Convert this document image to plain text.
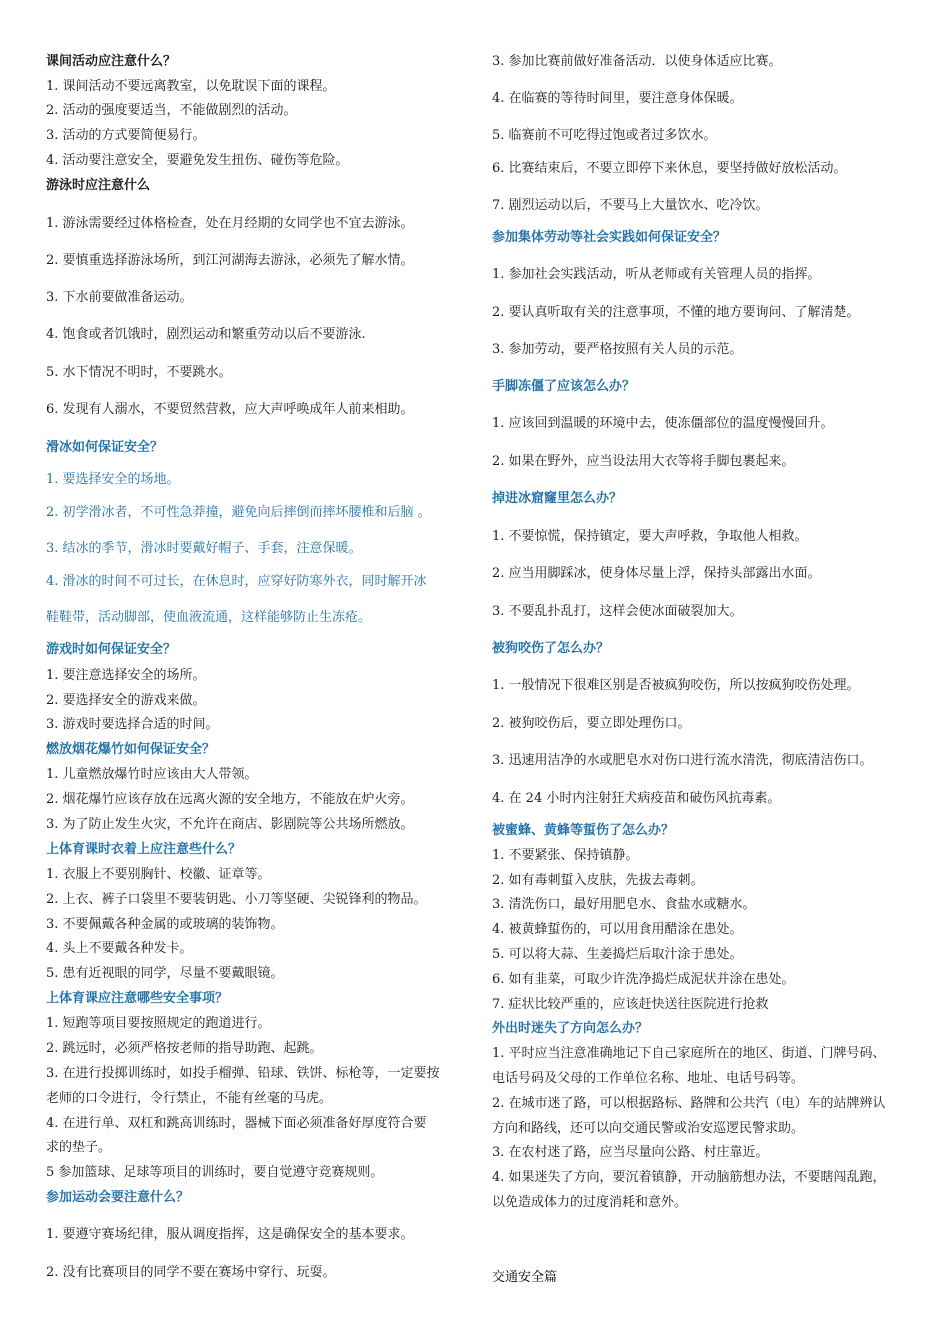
课间活动应注意什么？
1. 课间活动不要远离教室，以免耽误下面的课程。
2. 活动的强度要适当，不能做剧烈的活动。
3. 活动的方式要简便易行。
4. 活动要注意安全，要避免发生扭伤、碰伤等危险。
游泳时应注意什么
1. 游泳需要经过体格检查，处在月经期的女同学也不宜去游泳。
2. 要慎重选择游泳场所，到江河湖海去游泳，必须先了解水情。
3. 下水前要做准备运动。
4. 饱食或者饥饿时，剧烈运动和繁重劳动以后不要游泳.
5. 水下情况不明时，不要跳水。
6. 发现有人溺水，不要贸然营救，应大声呼唤成年人前来相助。
滑冰如何保证安全？
1. 要选择安全的场地。
2. 初学滑冰者，不可性急莽撞，避免向后摔倒而摔坏腰椎和后脑 。
3. 结冰的季节，滑冰时要戴好帽子、手套，注意保暖。
4. 滑冰的时间不可过长，在休息时，应穿好防寒外衣，同时解开冰
鞋鞋带，活动脚部，使血液流通，这样能够防止生冻疮。
游戏时如何保证安全？
1. 要注意选择安全的场所。
2. 要选择安全的游戏来做。
3. 游戏时要选择合适的时间。
燃放烟花爆竹如何保证安全？
1. 儿童燃放爆竹时应该由大人带领。
2. 烟花爆竹应该存放在远离火源的安全地方，不能放在炉火旁。
3. 为了防止发生火灾，不允许在商店、影剧院等公共场所燃放。
上体育课时衣着上应注意些什么？
1. 衣服上不要别胸针、校徽、证章等。
2. 上衣、裤子口袋里不要装钥匙、小刀等坚硬、尖锐锋利的物品。
3. 不要佩戴各种金属的或玻璃的装饰物。
4. 头上不要戴各种发卡。
5. 患有近视眼的同学，尽量不要戴眼镜。
上体育课应注意哪些安全事项？
1. 短跑等项目要按照规定的跑道进行。
2. 跳远时，必须严格按老师的指导助跑、起跳。
3. 在进行投掷训练时，如投手榴弹、铅球、铁饼、标枪等，一定要按
老师的口令进行，令行禁止，不能有丝毫的马虎。
4. 在进行单、双杠和跳高训练时，器械下面必须准备好厚度符合要
求的垫子。
5 参加篮球、足球等项目的训练时，要自觉遵守竞赛规则。
参加运动会要注意什么？
1. 要遵守赛场纪律，服从调度指挥，这是确保安全的基本要求。
2. 没有比赛项目的同学不要在赛场中穿行、玩耍。
3. 参加比赛前做好准备活动．以使身体适应比赛。
4. 在临赛的等待时间里，要注意身体保暖。
5. 临赛前不可吃得过饱或者过多饮水。
6. 比赛结束后，不要立即停下来休息，要坚持做好放松活动。
7. 剧烈运动以后，不要马上大量饮水、吃冷饮。
参加集体劳动等社会实践如何保证安全？
1. 参加社会实践活动，听从老师或有关管理人员的指挥。
2. 要认真听取有关的注意事项，不懂的地方要询问、了解清楚。
3. 参加劳动，要严格按照有关人员的示范。
手脚冻僵了应该怎么办？
1. 应该回到温暖的环境中去，使冻僵部位的温度慢慢回升。
2. 如果在野外，应当设法用大衣等将手脚包裹起来。
掉进冰窟窿里怎么办？
1. 不要惊慌，保持镇定，要大声呼救，争取他人相救。
2. 应当用脚踩冰，使身体尽量上浮，保持头部露出水面。
3. 不要乱扑乱打，这样会使冰面破裂加大。
被狗咬伤了怎么办？
1. 一般情况下很难区别是否被疯狗咬伤，所以按疯狗咬伤处理。
2. 被狗咬伤后，要立即处理伤口。
3. 迅速用洁净的水或肥皂水对伤口进行流水清洗，彻底清洁伤口。
4. 在 24 小时内注射狂犬病疫苗和破伤风抗毒素。
被蜜蜂、黄蜂等蜇伤了怎么办？
1. 不要紧张、保持镇静。
2. 如有毒刺蜇入皮肤，先拔去毒刺。
3. 清洗伤口，最好用肥皂水、食盐水或糖水。
4. 被黄蜂蜇伤的，可以用食用醋涂在患处。
5. 可以将大蒜、生姜捣烂后取汁涂于患处。
6. 如有韭菜，可取少许洗净捣烂成泥状并涂在患处。
7. 症状比较严重的，应该赶快送往医院进行抢救
外出时迷失了方向怎么办？
1. 平时应当注意准确地记下自己家庭所在的地区、街道、门牌号码、
电话号码及父母的工作单位名称、地址、电话号码等。
2. 在城市迷了路，可以根据路标、路牌和公共汽（电）车的站牌辨认
方向和路线，还可以向交通民警或治安巡逻民警求助。
3. 在农村迷了路，应当尽量向公路、村庄靠近。
4. 如果迷失了方向，要沉着镇静，开动脑筋想办法，不要瞎闯乱跑，
以免造成体力的过度消耗和意外。
交通安全篇
